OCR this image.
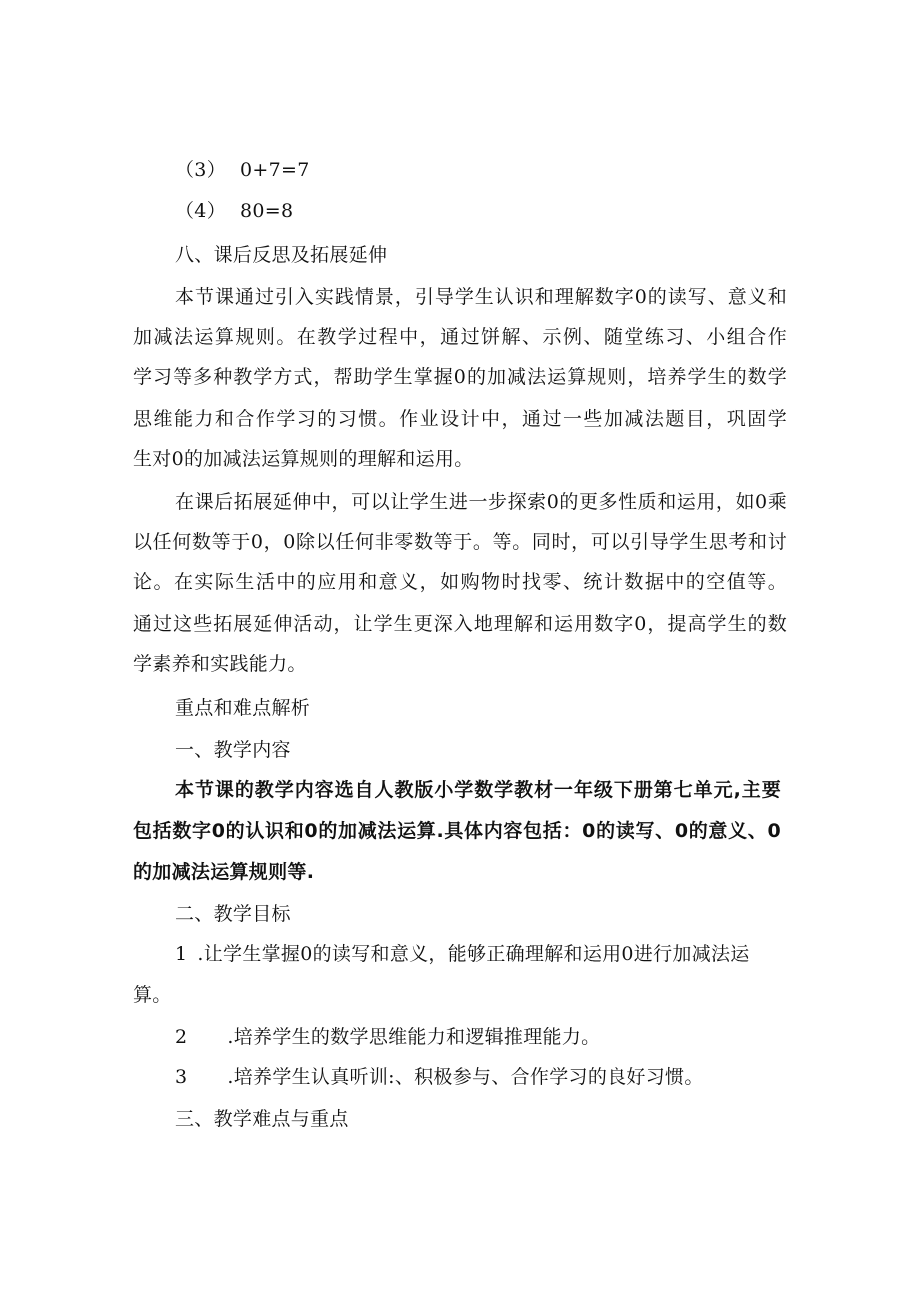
（3） 0+7=7
（4） 80=8
八、课后反思及拓展延伸
本节课通过引入实践情景，引导学生认识和理解数字0的读写、意义和
加减法运算规则。在教学过程中，通过饼解、示例、随堂练习、小组合作
学习等多种教学方式，帮助学生掌握0的加减法运算规则，培养学生的数学
思维能力和合作学习的习惯。作业设计中，通过一些加减法题目，巩固学
生对0的加减法运算规则的理解和运用。
在课后拓展延伸中，可以让学生进一步探索0的更多性质和运用，如0乘
以任何数等于0，0除以任何非零数等于。等。同时，可以引导学生思考和讨
论。在实际生活中的应用和意义，如购物时找零、统计数据中的空值等。
通过这些拓展延伸活动，让学生更深入地理解和运用数字0，提高学生的数
学素养和实践能力。
重点和难点解析
一、教学内容
本节课的教学内容选自人教版小学数学教材一年级下册第七单元,主要
包括数字0的认识和0的加减法运算.具体内容包括：0的读写、0的意义、0
的加减法运算规则等.
二、教学目标
1 .让学生掌握0的读写和意义，能够正确理解和运用0进行加减法运
算。
2 .培养学生的数学思维能力和逻辑推理能力。
3 .培养学生认真听训:、积极参与、合作学习的良好习惯。
三、教学难点与重点
